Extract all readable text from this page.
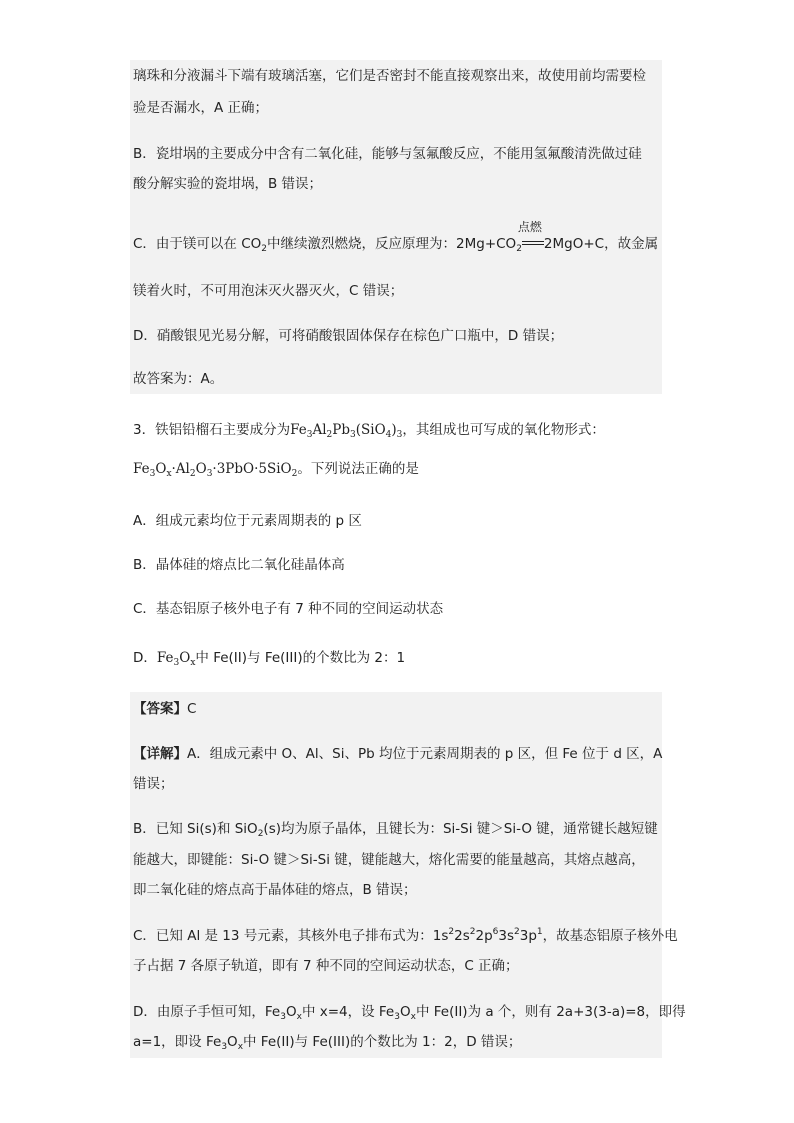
璃珠和分液漏斗下端有玻璃活塞，它们是否密封不能直接观察出来，故使用前均需要检
验是否漏水，A 正确；
B．瓷坩埚的主要成分中含有二氧化硅，能够与氢氟酸反应，不能用氢氟酸清洗做过硅
酸分解实验的瓷坩埚，B 错误；
C．由于镁可以在 $CO_2$中继续激烈燃烧，反应原理为：$2Mg+CO_2$
点燃
2MgO+C，故金属
镁着火时，不可用泡沫灭火器灭火，C 错误；
D．硝酸银见光易分解，可将硝酸银固体保存在棕色广口瓶中，D 错误；
故答案为：A。
3．铁铝铅榴石主要成分为$Fe_3Al_2Pb_3(SiO_4)_3$，其组成也可写成的氧化物形式：
$Fe_3O_x\cdot Al_2O_3\cdot 3PbO\cdot 5SiO_2$。下列说法正确的是
A．组成元素均位于元素周期表的 p 区
B．晶体硅的熔点比二氧化硅晶体高
C．基态铝原子核外电子有 7 种不同的空间运动状态
D．$Fe_3O_x$中 Fe(II)与 Fe(III)的个数比为 2：1
【答案】C
【详解】A．组成元素中 O、Al、Si、Pb 均位于元素周期表的 p 区，但 Fe 位于 d 区，A
错误；
B．已知 Si(s)和 SiO$_2$(s)均为原子晶体，且键长为：Si-Si 键＞Si-O 键，通常键长越短键
能越大，即键能：Si-O 键＞Si-Si 键，键能越大，熔化需要的能量越高，其熔点越高，
即二氧化硅的熔点高于晶体硅的熔点，B 错误；
C．已知 Al 是 13 号元素，其核外电子排布式为：$1s^22s^22p^63s^23p^1$，故基态铝原子核外电
子占据 7 各原子轨道，即有 7 种不同的空间运动状态，C 正确；
D．由原子手恒可知，$Fe_3O_x$中 x=4，设 $Fe_3O_x$中 Fe(II)为 a 个，则有 2a+3(3-a)=8，即得
a=1，即设 $Fe_3O_x$中 Fe(II)与 Fe(III)的个数比为 1：2，D 错误；
